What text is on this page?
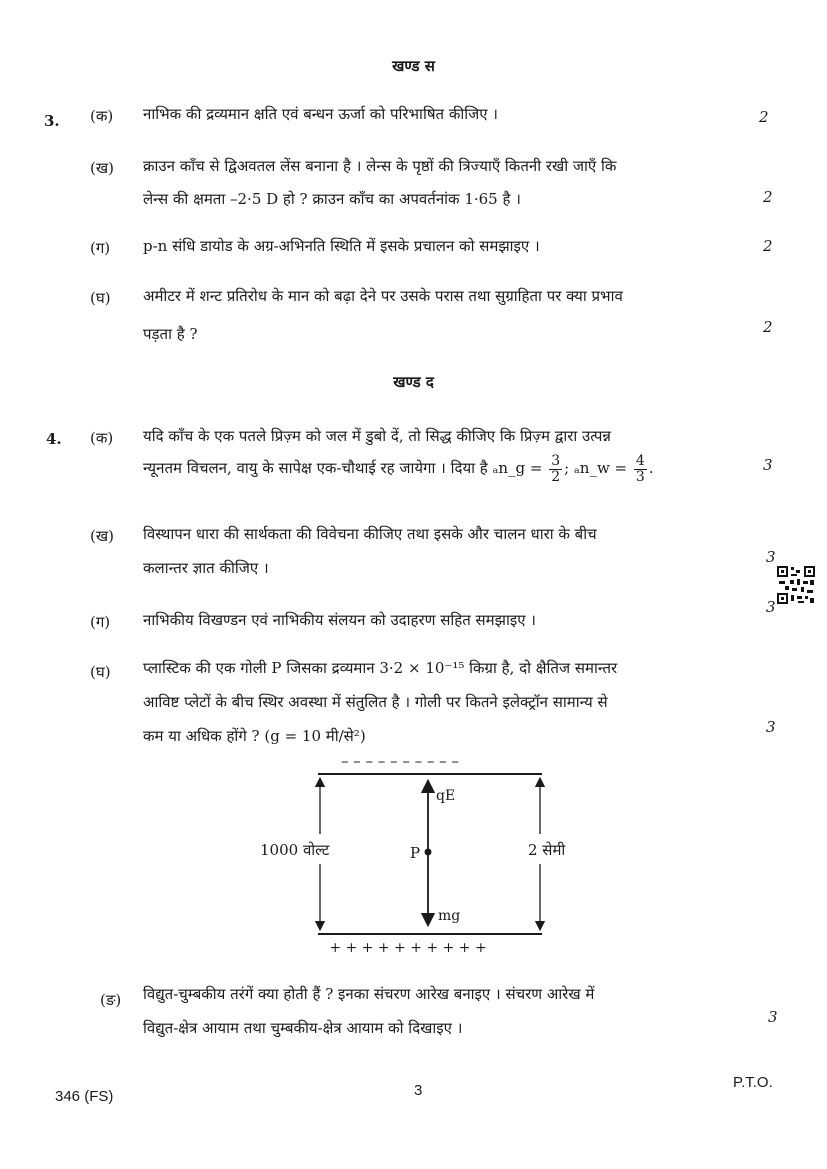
खण्ड स
3. (क) नाभिक की द्रव्यमान क्षति एवं बन्धन ऊर्जा को परिभाषित कीजिए ।	2
(ख) क्राउन काँच से द्विअवतल लेंस बनाना है । लेन्स के पृष्ठों की त्रिज्याएँ कितनी रखी जाएँ कि
लेन्स की क्षमता –2·5 D हो ? क्राउन काँच का अपवर्तनांक 1·65 है ।	2
(ग) p-n संधि डायोड के अग्र-अभिनति स्थिति में इसके प्रचालन को समझाइए ।	2
(घ) अमीटर में शन्ट प्रतिरोध के मान को बढ़ा देने पर उसके परास तथा सुग्राहिता पर क्या प्रभाव
पड़ता है ?	2
खण्ड द
4. (क) यदि काँच के एक पतले प्रिज़्म को जल में डुबो दें, तो सिद्ध कीजिए कि प्रिज़्म द्वारा उत्पन्न
न्यूनतम विचलन, वायु के सापेक्ष एक-चौथाई रह जायेगा । दिया है ₐn_g = $\frac{3}{2}$ ; ₐn_w = $\frac{4}{3}$ .	3
(ख) विस्थापन धारा की सार्थकता की विवेचना कीजिए तथा इसके और चालन धारा के बीच
कलान्तर ज्ञात कीजिए ।
3
3
(ग) नाभिकीय विखण्डन एवं नाभिकीय संलयन को उदाहरण सहित समझाइए ।
(घ) प्लास्टिक की एक गोली P जिसका द्रव्यमान 3·2 × 10⁻¹⁵ किग्रा है, दो क्षैतिज समान्तर
आविष्ट प्लेटों के बीच स्थिर अवस्था में संतुलित है । गोली पर कितने इलेक्ट्रॉन सामान्य से
कम या अधिक होंगे ? (g = 10 मी/से²)	3
– – – – – – – – – –
+ + + + + + + + + +
1000 वोल्ट	2 सेमी
P
qE
mg
(ङ) विद्युत-चुम्बकीय तरंगें क्या होती हैं ? इनका संचरण आरेख बनाइए । संचरण आरेख में
विद्युत-क्षेत्र आयाम तथा चुम्बकीय-क्षेत्र आयाम को दिखाइए ।
3
346 (FS)	3	P.T.O.
